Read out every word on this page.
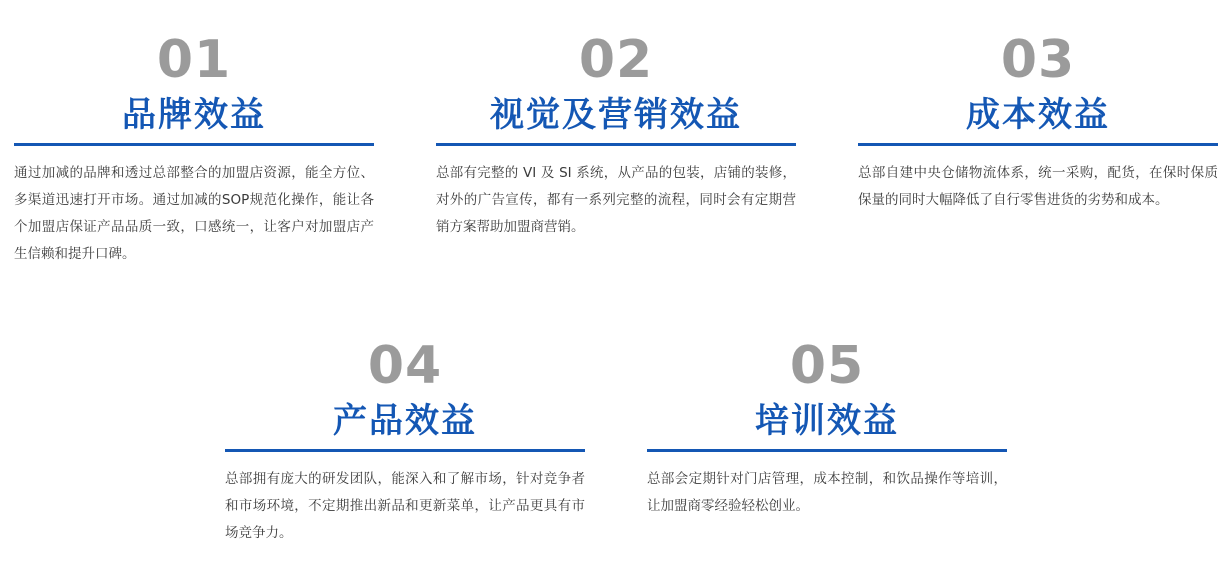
01
品牌效益
通过加减的品牌和透过总部整合的加盟店资源，能全方位、多渠道迅速打开市场。通过加减的SOP规范化操作，能让各个加盟店保证产品品质一致，口感统一，让客户对加盟店产生信赖和提升口碑。
02
视觉及营销效益
总部有完整的 VI 及 SI 系统，从产品的包装，店铺的装修，对外的广告宣传，都有一系列完整的流程，同时会有定期营销方案帮助加盟商营销。
03
成本效益
总部自建中央仓储物流体系，统一采购，配货，在保时保质保量的同时大幅降低了自行零售进货的劣势和成本。
04
产品效益
总部拥有庞大的研发团队，能深入和了解市场，针对竞争者和市场环境，不定期推出新品和更新菜单，让产品更具有市场竞争力。
05
培训效益
总部会定期针对门店管理，成本控制，和饮品操作等培训，让加盟商零经验轻松创业。
